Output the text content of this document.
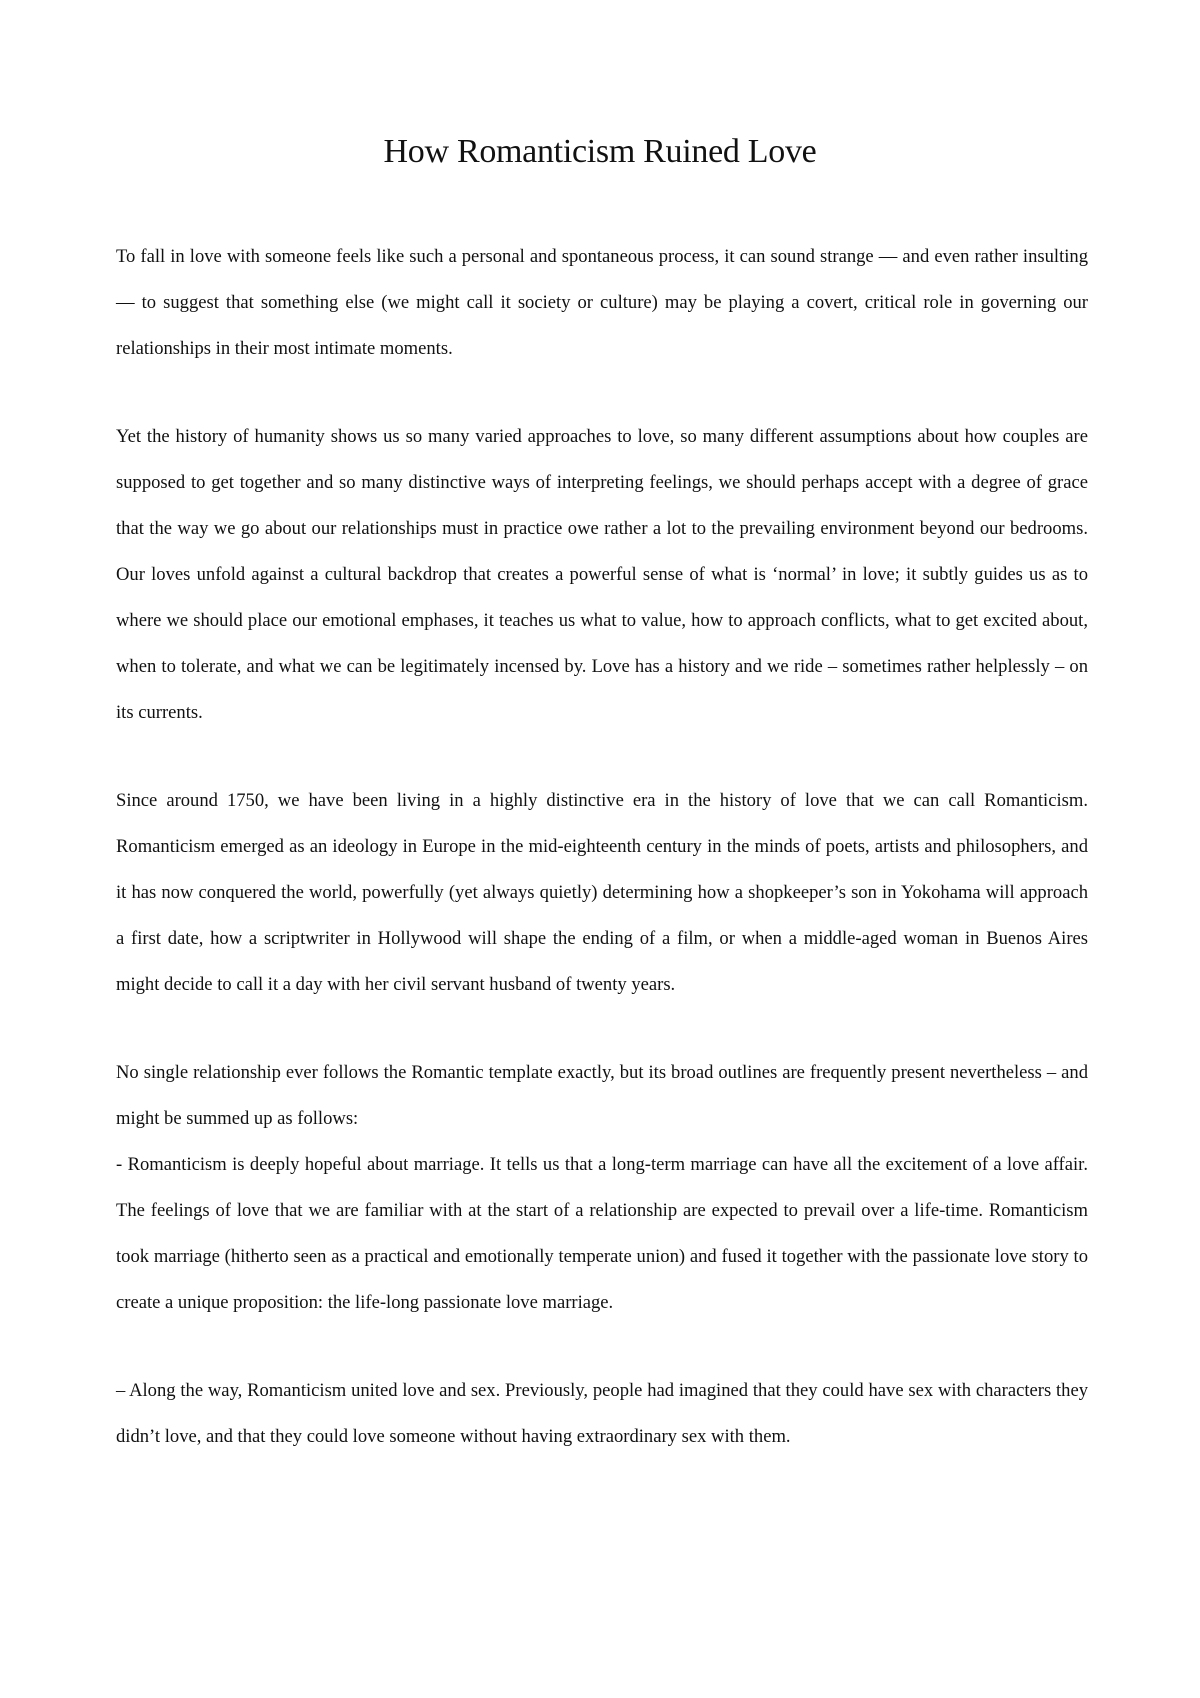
How Romanticism Ruined Love

To fall in love with someone feels like such a personal and spontaneous process, it can sound strange — and even rather insulting — to suggest that something else (we might call it society or culture) may be playing a covert, critical role in governing our relationships in their most intimate moments.

Yet the history of humanity shows us so many varied approaches to love, so many different assumptions about how couples are supposed to get together and so many distinctive ways of interpreting feelings, we should perhaps accept with a degree of grace that the way we go about our relationships must in practice owe rather a lot to the prevailing environment beyond our bedrooms. Our loves unfold against a cultural backdrop that creates a powerful sense of what is ‘normal’ in love; it subtly guides us as to where we should place our emotional emphases, it teaches us what to value, how to approach conflicts, what to get excited about, when to tolerate, and what we can be legitimately incensed by. Love has a history and we ride – sometimes rather helplessly – on its currents.

Since around 1750, we have been living in a highly distinctive era in the history of love that we can call Romanticism. Romanticism emerged as an ideology in Europe in the mid-eighteenth century in the minds of poets, artists and philosophers, and it has now conquered the world, powerfully (yet always quietly) determining how a shopkeeper’s son in Yokohama will approach a first date, how a scriptwriter in Hollywood will shape the ending of a film, or when a middle-aged woman in Buenos Aires might decide to call it a day with her civil servant husband of twenty years.

No single relationship ever follows the Romantic template exactly, but its broad outlines are frequently present nevertheless – and might be summed up as follows:

- Romanticism is deeply hopeful about marriage. It tells us that a long-term marriage can have all the excitement of a love affair. The feelings of love that we are familiar with at the start of a relationship are expected to prevail over a life-time. Romanticism took marriage (hitherto seen as a practical and emotionally temperate union) and fused it together with the passionate love story to create a unique proposition: the life-long passionate love marriage.

– Along the way, Romanticism united love and sex. Previously, people had imagined that they could have sex with characters they didn’t love, and that they could love someone without having extraordinary sex with them.
